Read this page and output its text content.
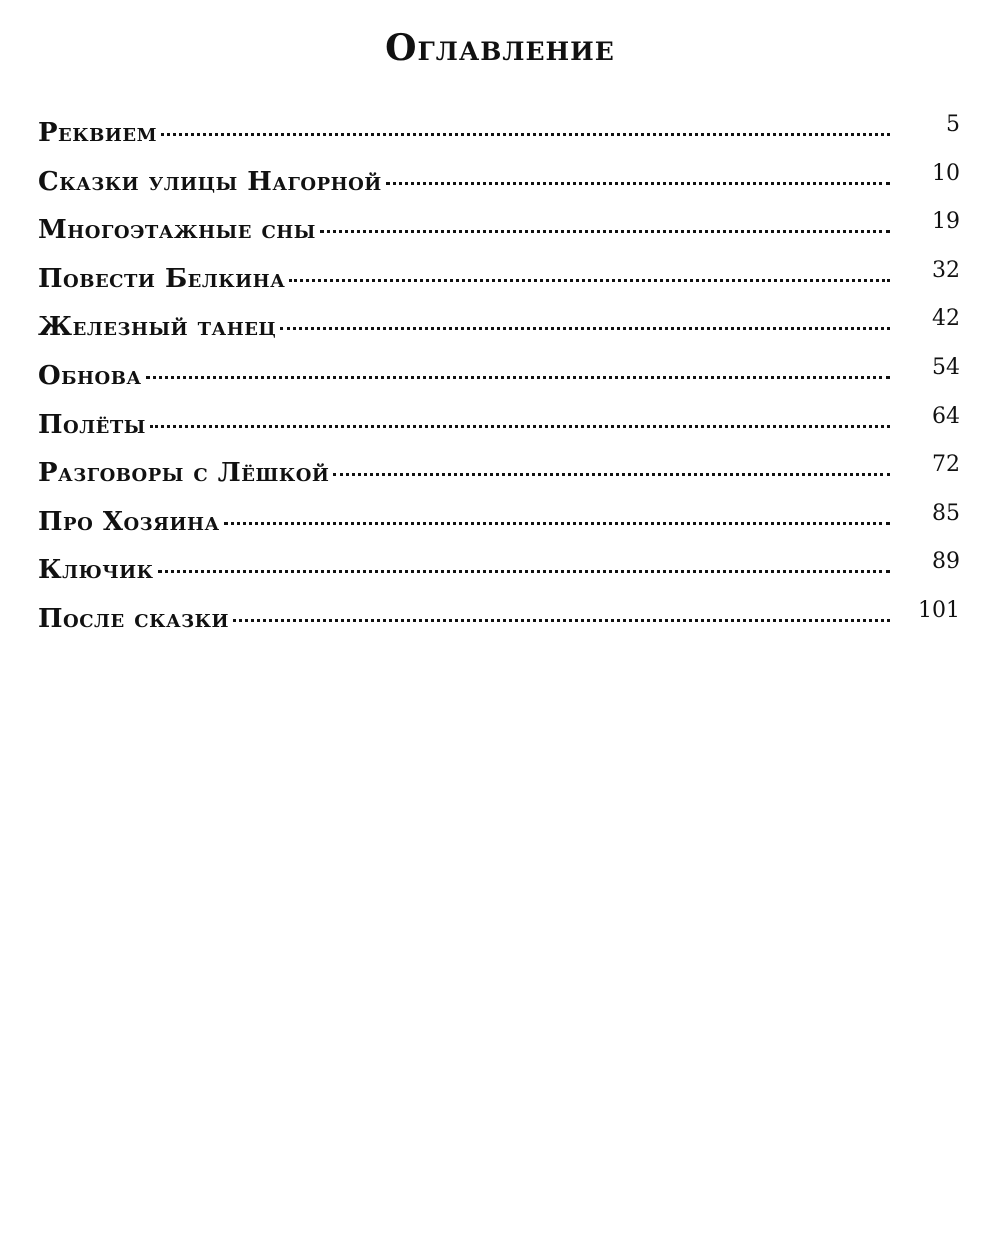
Оглавление
Реквием	5
Сказки улицы Нагорной	10
Многоэтажные сны	19
Повести Белкина	32
Железный танец	42
Обнова	54
Полёты	64
Разговоры с Лёшкой	72
Про Хозяина	85
Ключик	89
После сказки	101
